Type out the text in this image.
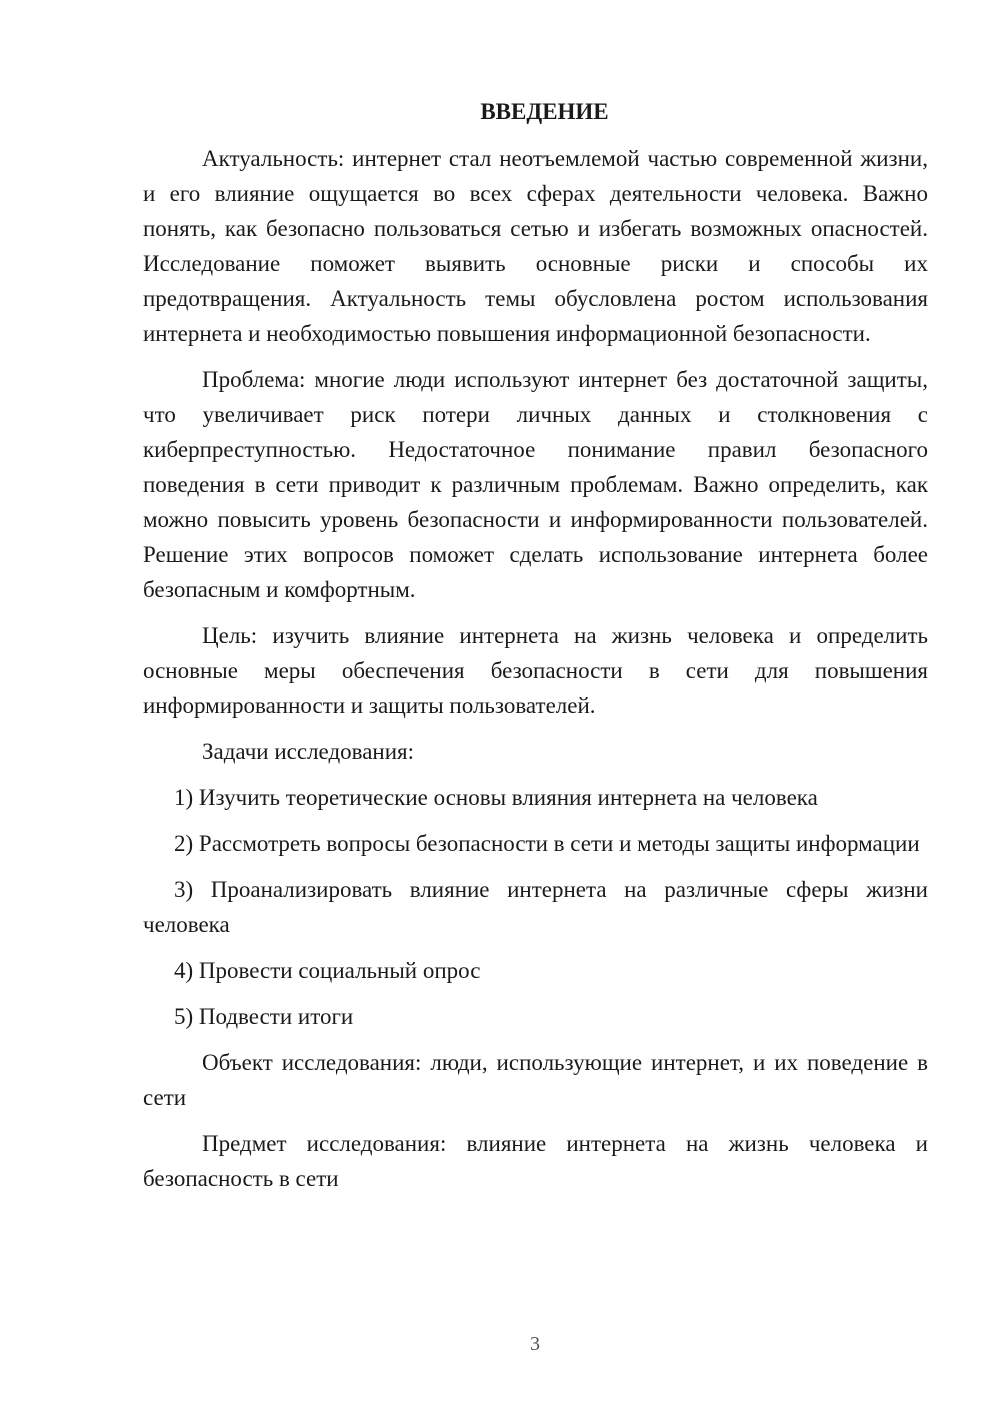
ВВЕДЕНИЕ

Актуальность: интернет стал неотъемлемой частью современной жизни, и его влияние ощущается во всех сферах деятельности человека. Важно понять, как безопасно пользоваться сетью и избегать возможных опасностей. Исследование поможет выявить основные риски и способы их предотвращения. Актуальность темы обусловлена ростом использования интернета и необходимостью повышения информационной безопасности.

Проблема: многие люди используют интернет без достаточной защиты, что увеличивает риск потери личных данных и столкновения с киберпреступностью. Недостаточное понимание правил безопасного поведения в сети приводит к различным проблемам. Важно определить, как можно повысить уровень безопасности и информированности пользователей. Решение этих вопросов поможет сделать использование интернета более безопасным и комфортным.

Цель: изучить влияние интернета на жизнь человека и определить основные меры обеспечения безопасности в сети для повышения информированности и защиты пользователей.

Задачи исследования:

1) Изучить теоретические основы влияния интернета на человека

2) Рассмотреть вопросы безопасности в сети и методы защиты информации

3) Проанализировать влияние интернета на различные сферы жизни человека

4) Провести социальный опрос

5) Подвести итоги

Объект исследования: люди, использующие интернет, и их поведение в сети

Предмет исследования: влияние интернета на жизнь человека и безопасность в сети

3
